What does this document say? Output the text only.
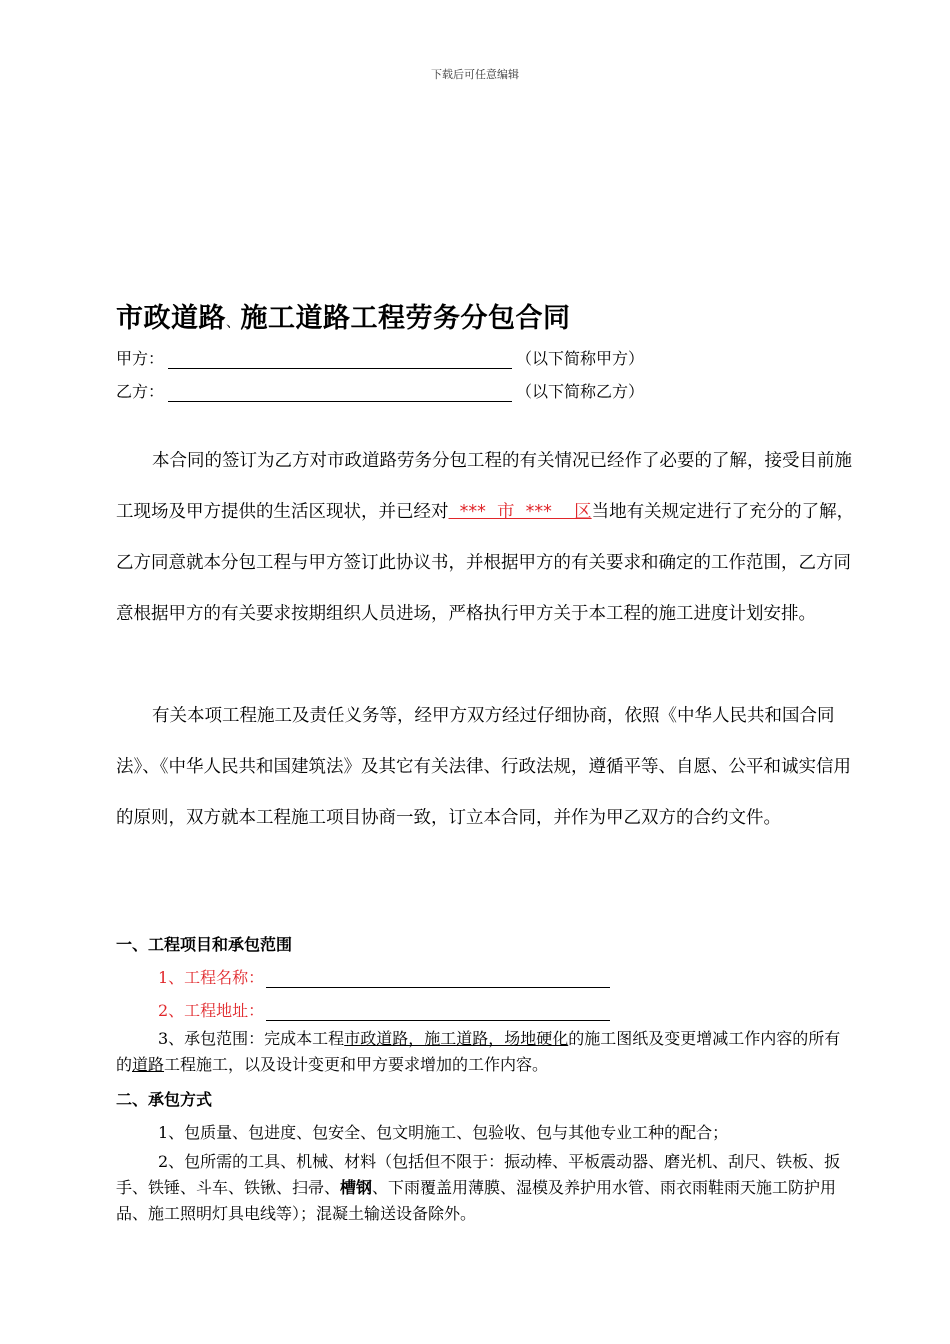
下载后可任意编辑
市政道路、施工道路工程劳务分包合同
甲方：	（以下简称甲方）
乙方：	（以下简称乙方）

本合同的签订为乙方对市政道路劳务分包工程的有关情况已经作了必要的了解，接受目前施工现场及甲方提供的生活区现状，并已经对  ***  市  ***    区当地有关规定进行了充分的了解，乙方同意就本分包工程与甲方签订此协议书，并根据甲方的有关要求和确定的工作范围，乙方同意根据甲方的有关要求按期组织人员进场，严格执行甲方关于本工程的施工进度计划安排。

有关本项工程施工及责任义务等，经甲方双方经过仔细协商，依照《中华人民共和国合同法》、《中华人民共和国建筑法》及其它有关法律、行政法规，遵循平等、自愿、公平和诚实信用的原则，双方就本工程施工项目协商一致，订立本合同，并作为甲乙双方的合约文件。

一、工程项目和承包范围
1、工程名称：
2、工程地址：

3、承包范围：完成本工程市政道路，施工道路，场地硬化的施工图纸及变更增减工作内容的所有的道路工程施工，以及设计变更和甲方要求增加的工作内容。

二、承包方式
1、包质量、包进度、包安全、包文明施工、包验收、包与其他专业工种的配合；

2、包所需的工具、机械、材料（包括但不限于：振动棒、平板震动器、磨光机、刮尺、铁板、扳手、铁锤、斗车、铁锹、扫帚、槽钢、下雨覆盖用薄膜、湿模及养护用水管、雨衣雨鞋雨天施工防护用品、施工照明灯具电线等）；混凝土输送设备除外。
